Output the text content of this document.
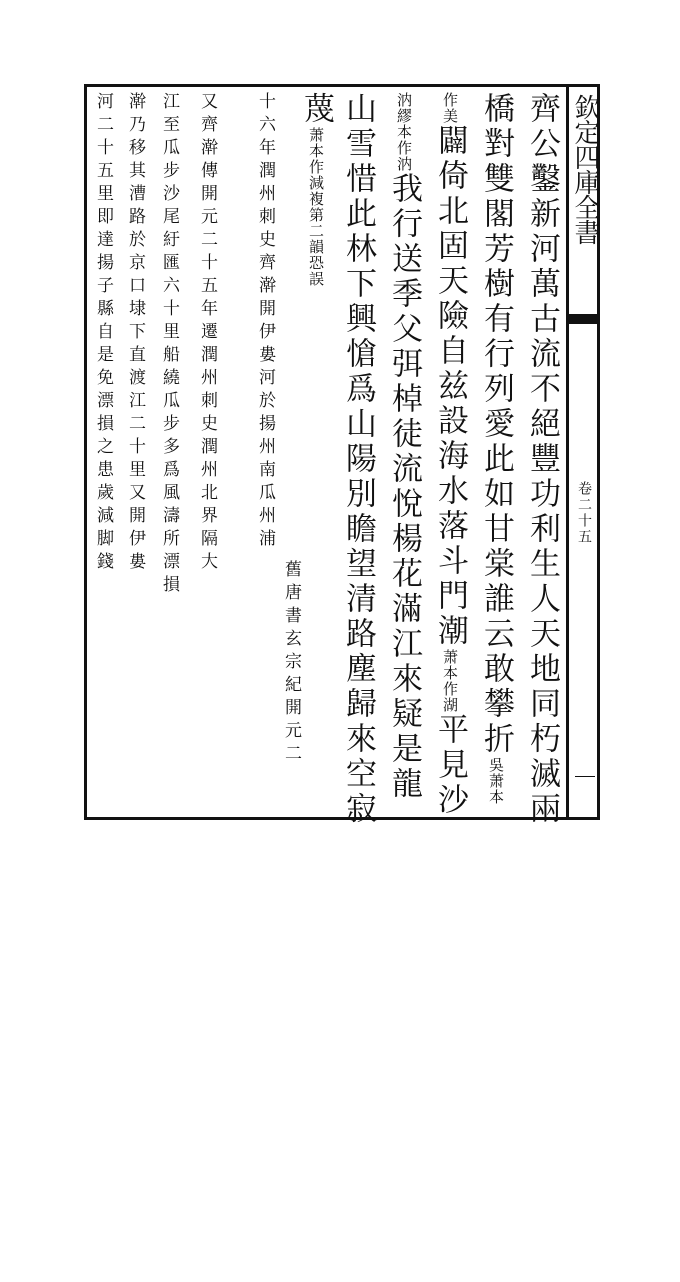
欽定四庫全書
卷二十五
齊公鑿新河萬古流不絕豐功利生人天地同朽滅兩
橋對雙閣芳樹有行列愛此如甘棠誰云敢攀折吳萧本
作美闢倚北固天險自兹設海水落斗門潮萧本作湖平見沙
汭繆本作汭我行送季父弭棹徒流悅楊花滿江來疑是龍
山雪惜此林下興愴爲山陽別瞻望清路塵歸來空寂
蔑萧本作減複第二韻恐誤
舊唐書玄宗紀開元二
十六年潤州刺史齊澣開伊婁河於揚州南瓜州浦
又齊澣傳開元二十五年遷潤州刺史潤州北界隔大
江至瓜步沙尾紆匯六十里船繞瓜步多爲風濤所漂損
澣乃移其漕路於京口埭下直渡江二十里又開伊婁
河二十五里即達揚子縣自是免漂損之患歲減脚錢
